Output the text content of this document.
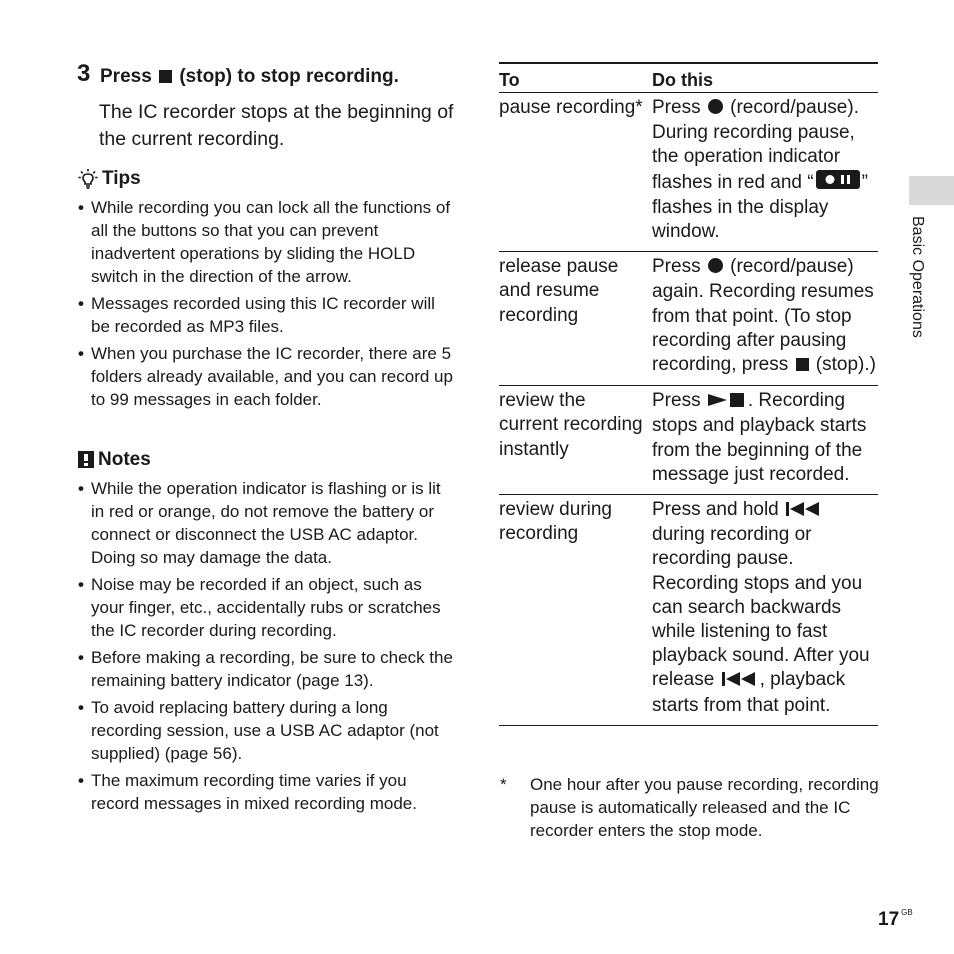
3 Press (stop) to stop recording.
The IC recorder stops at the beginning of the current recording.
Tips
• While recording you can lock all the functions of all the buttons so that you can prevent inadvertent operations by sliding the HOLD switch in the direction of the arrow.
• Messages recorded using this IC recorder will be recorded as MP3 files.
• When you purchase the IC recorder, there are 5 folders already available, and you can record up to 99 messages in each folder.
Notes
• While the operation indicator is flashing or is lit in red or orange, do not remove the battery or connect or disconnect the USB AC adaptor. Doing so may damage the data.
• Noise may be recorded if an object, such as your finger, etc., accidentally rubs or scratches the IC recorder during recording.
• Before making a recording, be sure to check the remaining battery indicator (page 13).
• To avoid replacing battery during a long recording session, use a USB AC adaptor (not supplied) (page 56).
• The maximum recording time varies if you record messages in mixed recording mode.
To	Do this
pause recording* Press (record/pause). During recording pause, the operation indicator flashes in red and “	” flashes in the display window.
release pause and resume recording
Press (record/pause) again. Recording resumes from that point. (To stop recording after pausing recording, press (stop).)
review the current recording instantly
Press . Recording stops and playback starts from the beginning of the message just recorded.
review during recording
Press and hold  during recording or recording pause. Recording stops and you can search backwards while listening to fast playback sound. After you release , playback starts from that point.
* One hour after you pause recording, recording pause is automatically released and the IC recorder enters the stop mode.
Basic Operations
17 $^{GB}$
